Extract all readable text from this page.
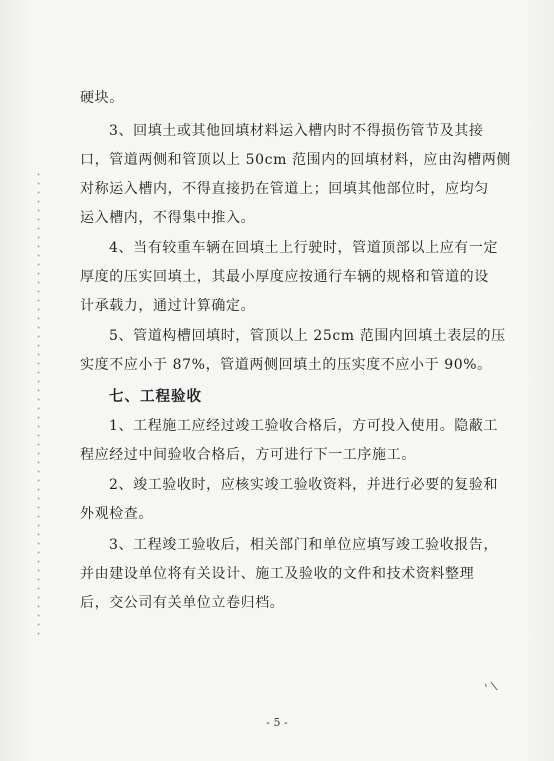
硬块。

3、回填土或其他回填材料运入槽内时不得损伤管节及其接
口，管道两侧和管顶以上 50cm 范围内的回填材料，应由沟槽两侧
对称运入槽内，不得直接扔在管道上；回填其他部位时，应均匀
运入槽内，不得集中推入。

4、当有较重车辆在回填土上行驶时，管道顶部以上应有一定
厚度的压实回填土，其最小厚度应按通行车辆的规格和管道的设
计承载力，通过计算确定。

5、管道构槽回填时，管顶以上 25cm 范围内回填土表层的压
实度不应小于 87%，管道两侧回填土的压实度不应小于 90%。

七、工程验收

1、工程施工应经过竣工验收合格后，方可投入使用。隐蔽工
程应经过中间验收合格后，方可进行下一工序施工。

2、竣工验收时，应核实竣工验收资料，并进行必要的复验和
外观检查。

3、工程竣工验收后，相关部门和单位应填写竣工验收报告，
并由建设单位将有关设计、施工及验收的文件和技术资料整理
后，交公司有关单位立卷归档。

- 5 -

' \
